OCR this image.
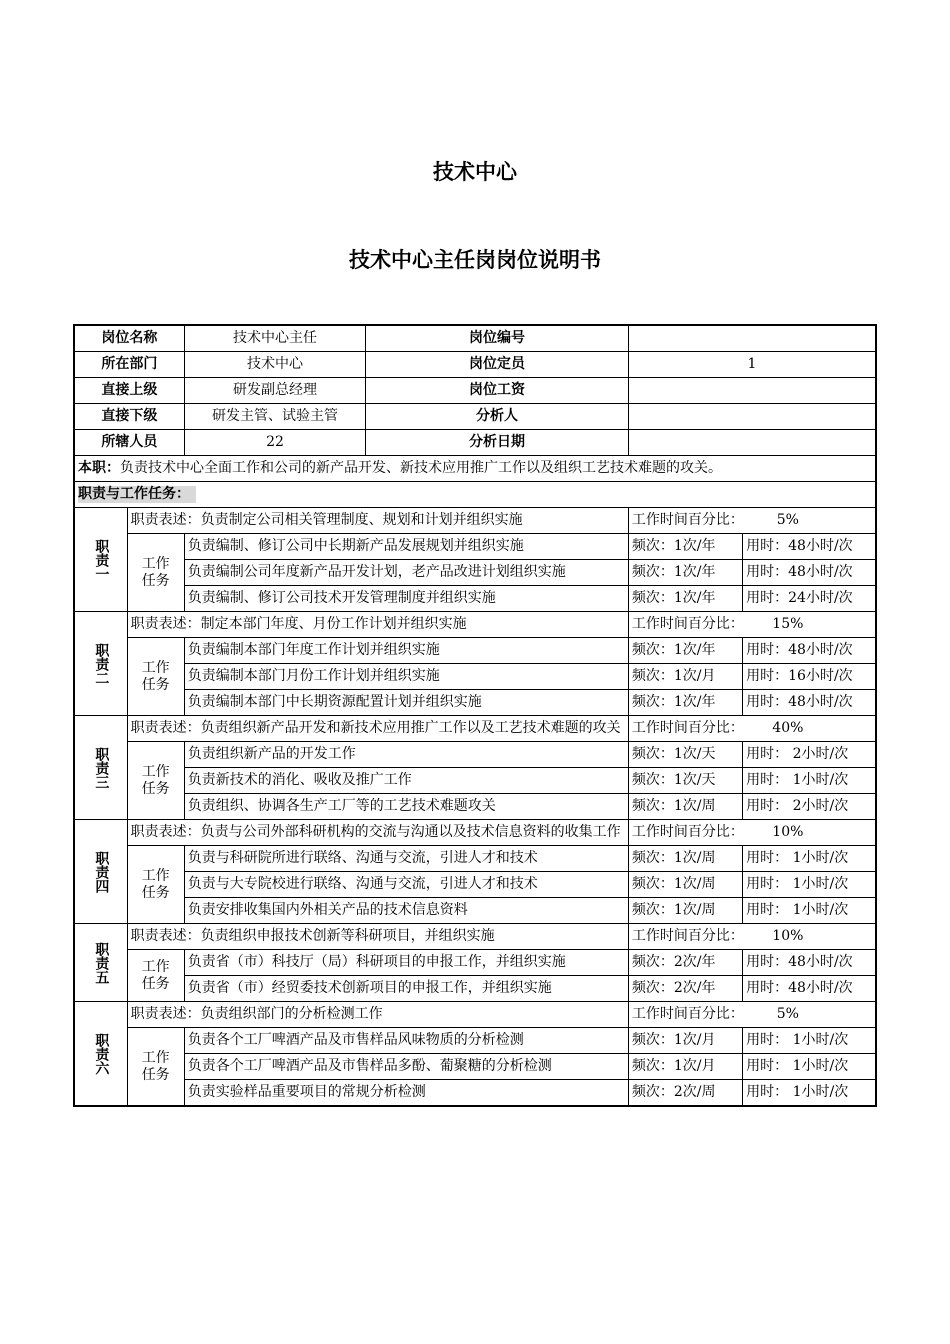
技术中心
技术中心主任岗岗位说明书
岗位名称		技术中心主任	岗位编号		
所在部门		技术中心	岗位定员	1	
直接上级		研发副总经理	岗位工资		
直接下级		研发主管、试验主管	分析人		
所辖人员		22	分析日期		
本职：负责技术中心全面工作和公司的新产品开发、新技术应用推广工作以及组织工艺技术难题的攻关。					
职责与工作任务：					
职责一	职责表述：负责制定公司相关管理制度、规划和计划并组织实施			工作时间百分比： 5%	
	工作任务	负责编制、修订公司中长期新产品发展规划并组织实施		频次：1次/年	用时：48小时/次
		负责编制公司年度新产品开发计划，老产品改进计划组织实施		频次：1次/年	用时：48小时/次
		负责编制、修订公司技术开发管理制度并组织实施		频次：1次/年	用时：24小时/次
职责二	职责表述：制定本部门年度、月份工作计划并组织实施			工作时间百分比： 15%	
	工作任务	负责编制本部门年度工作计划并组织实施		频次：1次/年	用时：48小时/次
		负责编制本部门月份工作计划并组织实施		频次：1次/月	用时：16小时/次
		负责编制本部门中长期资源配置计划并组织实施		频次：1次/年	用时：48小时/次
职责三	职责表述：负责组织新产品开发和新技术应用推广工作以及工艺技术难题的攻关			工作时间百分比： 40%	
	工作任务	负责组织新产品的开发工作		频次：1次/天	用时： 2小时/次
		负责新技术的消化、吸收及推广工作		频次：1次/天	用时： 1小时/次
		负责组织、协调各生产工厂等的工艺技术难题攻关		频次：1次/周	用时： 2小时/次
职责四	职责表述：负责与公司外部科研机构的交流与沟通以及技术信息资料的收集工作			工作时间百分比： 10%	
	工作任务	负责与科研院所进行联络、沟通与交流，引进人才和技术		频次：1次/周	用时： 1小时/次
		负责与大专院校进行联络、沟通与交流，引进人才和技术		频次：1次/周	用时： 1小时/次
		负责安排收集国内外相关产品的技术信息资料		频次：1次/周	用时： 1小时/次
职责五	职责表述：负责组织申报技术创新等科研项目，并组织实施			工作时间百分比： 10%	
	工作任务	负责省（市）科技厅（局）科研项目的申报工作，并组织实施		频次：2次/年	用时：48小时/次
		负责省（市）经贸委技术创新项目的申报工作，并组织实施		频次：2次/年	用时：48小时/次
职责六	职责表述：负责组织部门的分析检测工作			工作时间百分比： 5%	
	工作任务	负责各个工厂啤酒产品及市售样品风味物质的分析检测		频次：1次/月	用时： 1小时/次
		负责各个工厂啤酒产品及市售样品多酚、葡聚糖的分析检测		频次：1次/月	用时： 1小时/次
		负责实验样品重要项目的常规分析检测		频次：2次/周	用时： 1小时/次
